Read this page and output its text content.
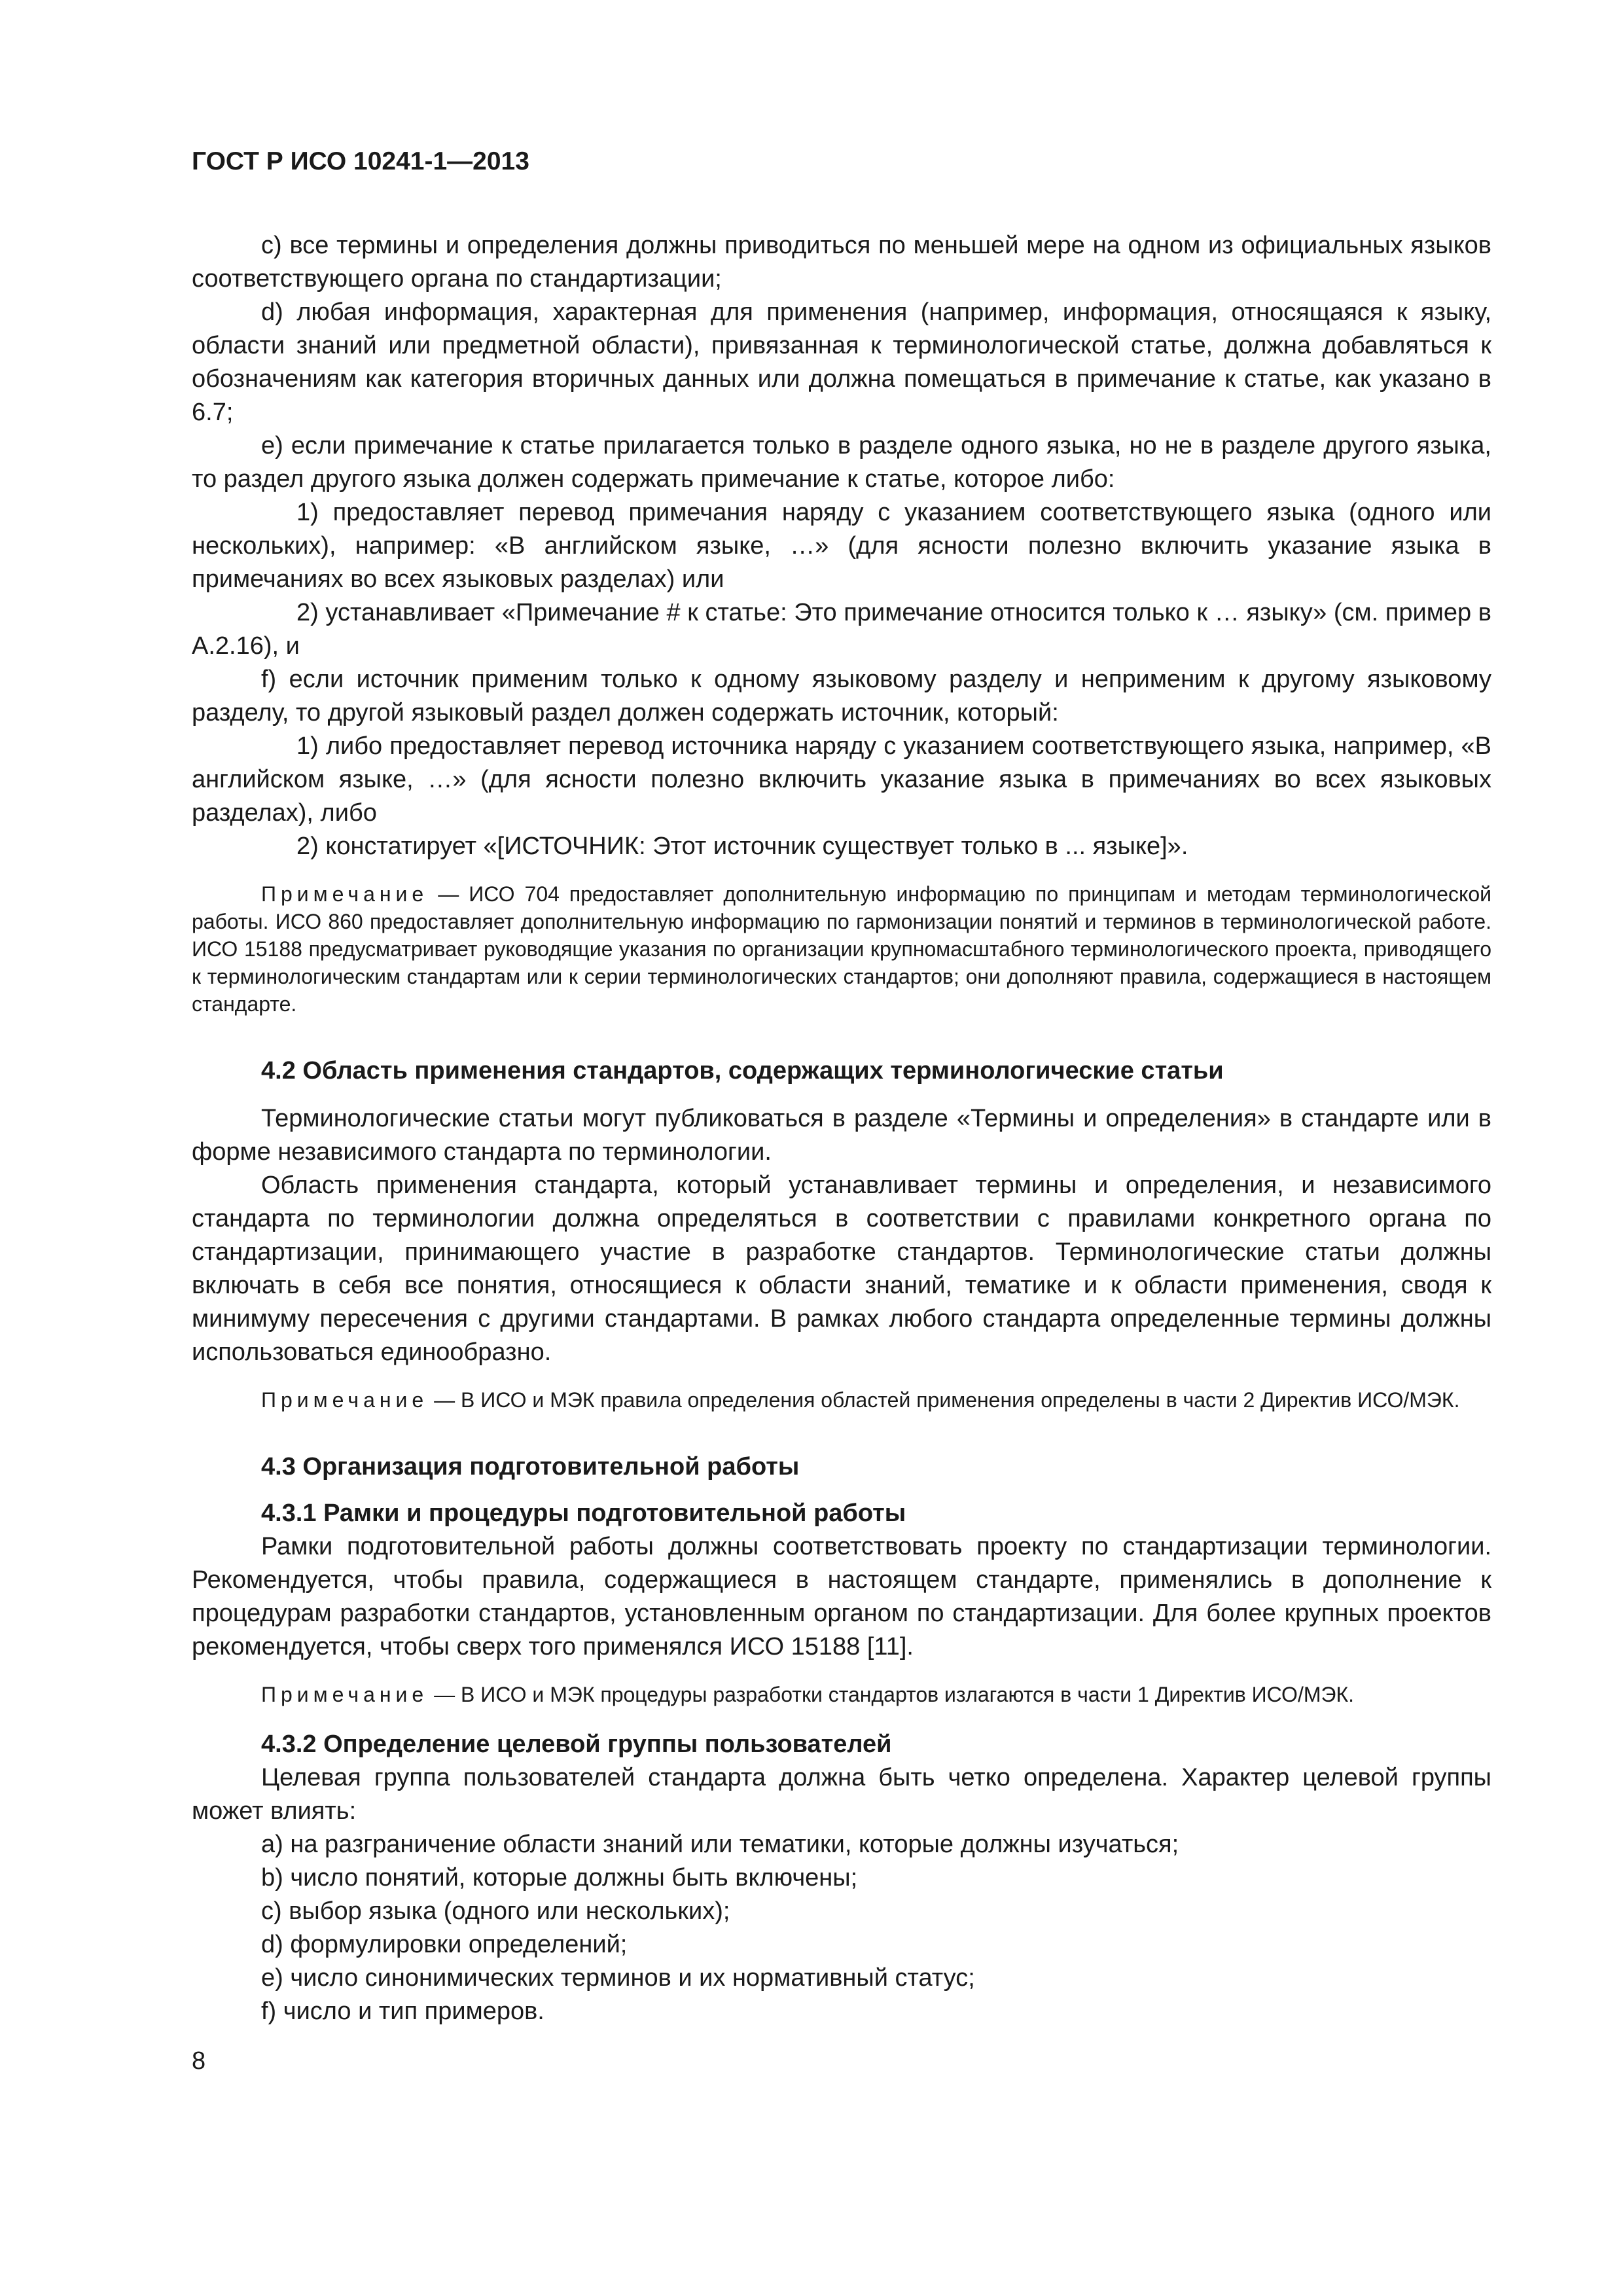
ГОСТ Р ИСО 10241-1—2013

c) все термины и определения должны приводиться по меньшей мере на одном из официальных языков соответствующего органа по стандартизации;

d) любая информация, характерная для применения (например, информация, относящаяся к языку, области знаний или предметной области), привязанная к терминологической статье, должна добавляться к обозначениям как категория вторичных данных или должна помещаться в примечание к статье, как указано в 6.7;

e) если примечание к статье прилагается только в разделе одного языка, но не в разделе другого языка, то раздел другого языка должен содержать примечание к статье, которое либо:

1) предоставляет перевод примечания наряду с указанием соответствующего языка (одного или нескольких), например: «В английском языке, …» (для ясности полезно включить указание языка в примечаниях во всех языковых разделах) или

2) устанавливает «Примечание # к статье: Это примечание относится только к … языку» (см. пример в А.2.16), и

f) если источник применим только к одному языковому разделу и неприменим к другому языковому разделу, то другой языковый раздел должен содержать источник, который:

1) либо предоставляет перевод источника наряду с указанием соответствующего языка, например, «В английском языке, …» (для ясности полезно включить указание языка в примечаниях во всех языковых разделах), либо

2) констатирует «[ИСТОЧНИК: Этот источник существует только в ... языке]».

Примечание — ИСО 704 предоставляет дополнительную информацию по принципам и методам терминологической работы. ИСО 860 предоставляет дополнительную информацию по гармонизации понятий и терминов в терминологической работе. ИСО 15188 предусматривает руководящие указания по организации крупномасштабного терминологического проекта, приводящего к терминологическим стандартам или к серии терминологических стандартов; они дополняют правила, содержащиеся в настоящем стандарте.
4.2 Область применения стандартов, содержащих терминологические статьи

Терминологические статьи могут публиковаться в разделе «Термины и определения» в стандарте или в форме независимого стандарта по терминологии.

Область применения стандарта, который устанавливает термины и определения, и независимого стандарта по терминологии должна определяться в соответствии с правилами конкретного органа по стандартизации, принимающего участие в разработке стандартов. Терминологические статьи должны включать в себя все понятия, относящиеся к области знаний, тематике и к области применения, сводя к минимуму пересечения с другими стандартами. В рамках любого стандарта определенные термины должны использоваться единообразно.

Примечание — В ИСО и МЭК правила определения областей применения определены в части 2 Директив ИСО/МЭК.
4.3 Организация подготовительной работы
4.3.1 Рамки и процедуры подготовительной работы

Рамки подготовительной работы должны соответствовать проекту по стандартизации терминологии. Рекомендуется, чтобы правила, содержащиеся в настоящем стандарте, применялись в дополнение к процедурам разработки стандартов, установленным органом по стандартизации. Для более крупных проектов рекомендуется, чтобы сверх того применялся ИСО 15188 [11].

Примечание — В ИСО и МЭК процедуры разработки стандартов излагаются в части 1 Директив ИСО/МЭК.
4.3.2 Определение целевой группы пользователей

Целевая группа пользователей стандарта должна быть четко определена. Характер целевой группы может влиять:

a) на разграничение области знаний или тематики, которые должны изучаться;

b) число понятий, которые должны быть включены;

c) выбор языка (одного или нескольких);

d) формулировки определений;

e) число синонимических терминов и их нормативный статус;

f) число и тип примеров.

8
